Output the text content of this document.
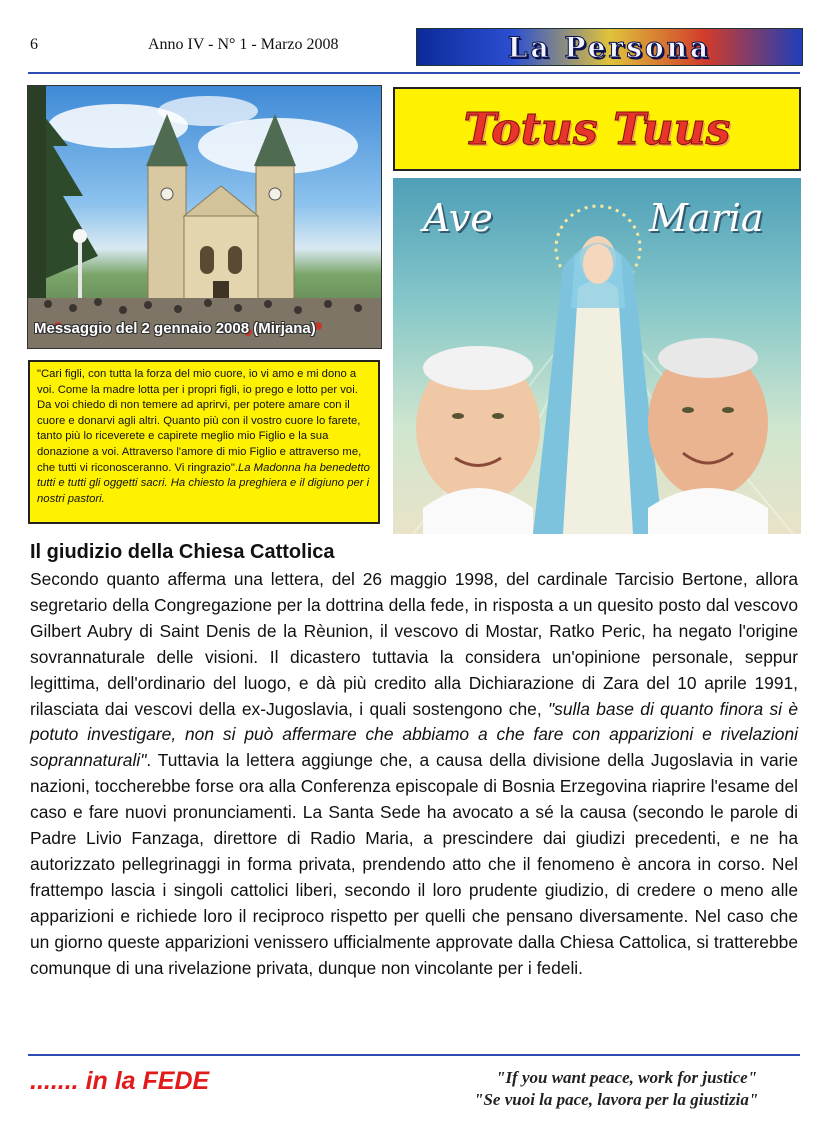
6	Anno IV - N° 1 - Marzo 2008	La Persona
Messaggio del 2 gennaio 2008 (Mirjana)
"Cari figli, con tutta la forza del mio cuore, io vi amo e mi dono a voi. Come la madre lotta per i propri figli, io prego e lotto per voi. Da voi chiedo di non temere ad aprirvi, per potere amare con il cuore e donarvi agli altri. Quanto più con il vostro cuore lo farete, tanto più lo riceverete e capirete meglio mio Figlio e la sua donazione a voi. Attraverso l'amore di mio Figlio e attraverso me, che tutti vi riconosceranno. Vi ringrazio".La Madonna ha benedetto tutti e tutti gli oggetti sacri. Ha chiesto la preghiera e il digiuno per i nostri pastori.
Totus Tuus
Ave	Maria
Il giudizio della Chiesa Cattolica
Secondo quanto afferma una lettera, del 26 maggio 1998, del cardinale Tarcisio Bertone, allora segretario della Congregazione per la dottrina della fede, in risposta a un quesito posto dal vescovo Gilbert Aubry di Saint Denis de la Rèunion, il vescovo di Mostar, Ratko Peric, ha negato l'origine sovrannaturale delle visioni. Il dicastero tuttavia la considera un'opinione personale, seppur legittima, dell'ordinario del luogo, e dà più credito alla Dichiarazione di Zara del 10 aprile 1991, rilasciata dai vescovi della ex-Jugoslavia, i quali sostengono che, "sulla base di quanto finora si è potuto investigare, non si può affermare che abbiamo a che fare con apparizioni e rivelazioni soprannaturali". Tuttavia la lettera aggiunge che, a causa della divisione della Jugoslavia in varie nazioni, toccherebbe forse ora alla Conferenza episcopale di Bosnia Erzegovina riaprire l'esame del caso e fare nuovi pronunciamenti. La Santa Sede ha avocato a sé la causa (secondo le parole di Padre Livio Fanzaga, direttore di Radio Maria, a prescindere dai giudizi precedenti, e ne ha autorizzato pellegrinaggi in forma privata, prendendo atto che il fenomeno è ancora in corso. Nel frattempo lascia i singoli cattolici liberi, secondo il loro prudente giudizio, di credere o meno alle apparizioni e richiede loro il reciproco rispetto per quelli che pensano diversamente. Nel caso che un giorno queste apparizioni venissero ufficialmente approvate dalla Chiesa Cattolica, si tratterebbe comunque di una rivelazione privata, dunque non vincolante per i fedeli.
....... in la FEDE	"If you want peace, work for justice"
"Se vuoi la pace, lavora per la giustizia"
